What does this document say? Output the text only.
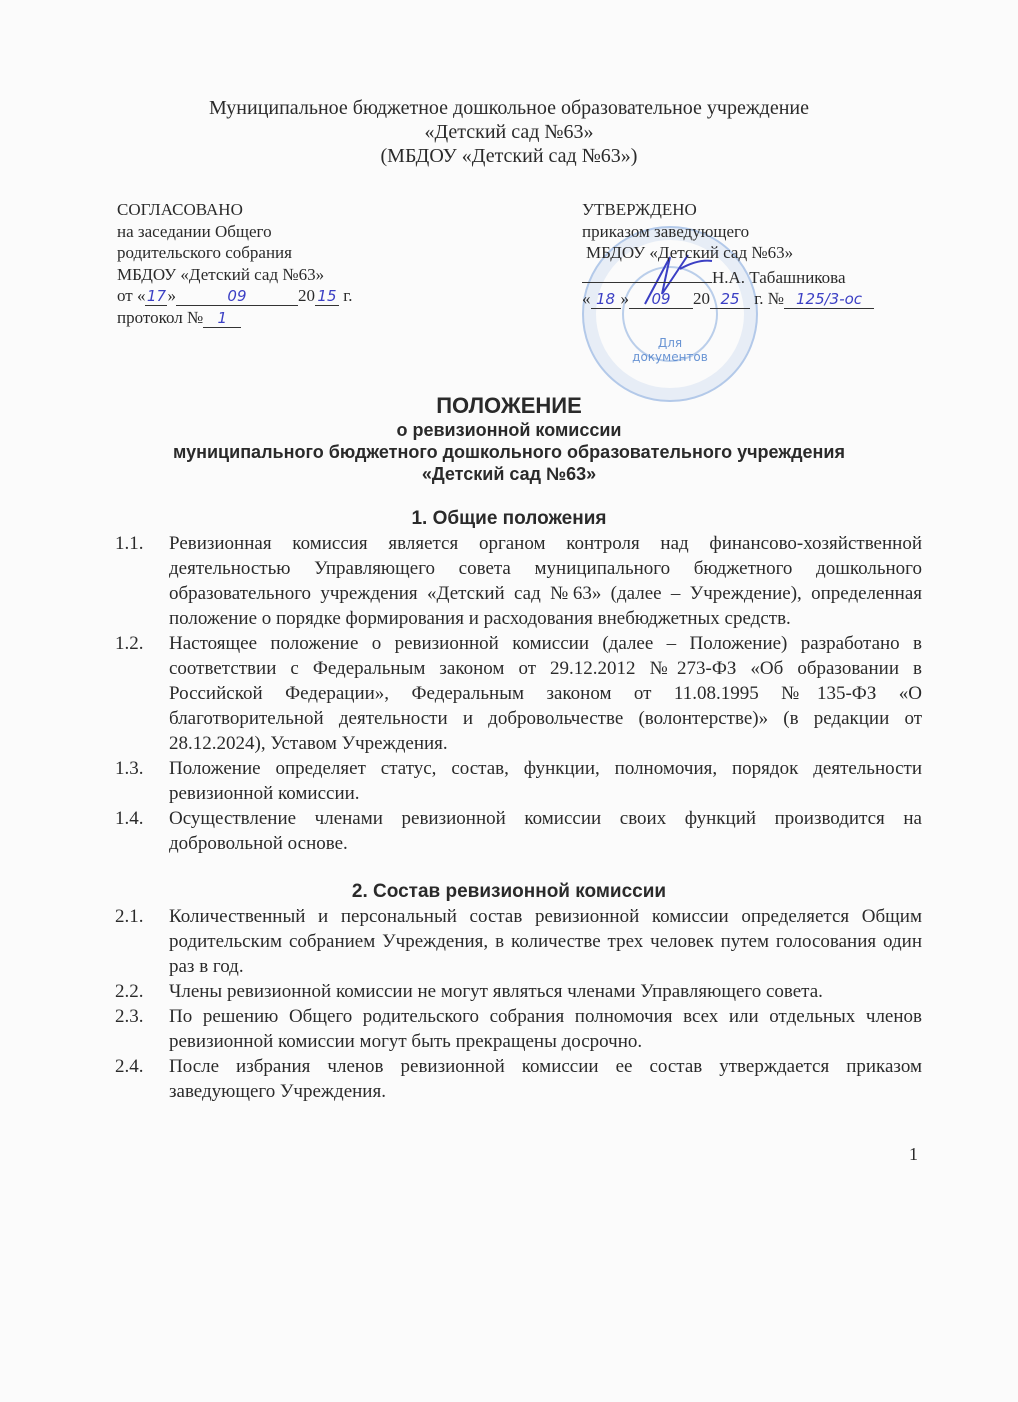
Муниципальное бюджетное дошкольное образовательное учреждение
«Детский сад №63»
(МБДОУ «Детский сад №63»)
СОГЛАСОВАНО
на заседании Общего
родительского собрания
МБДОУ «Детский сад №63»
от «17»	09	20 15 г.
протокол № 1
Для документов
УТВЕРЖДЕНО
приказом заведующего
МБДОУ «Детский сад №63»
Н.А. Табашникова
« 18 » 09 20 25 г. № 125/3-ос
ПОЛОЖЕНИЕ
о ревизионной комиссии
муниципального бюджетного дошкольного образовательного учреждения
«Детский сад №63»
1. Общие положения
1.1.	Ревизионная комиссия является органом контроля над финансово-хозяйственной деятельностью Управляющего совета муниципального бюджетного дошкольного образовательного учреждения «Детский сад №63» (далее – Учреждение), определенная положение о порядке формирования и расходования внебюджетных средств.
1.2.	Настоящее положение о ревизионной комиссии (далее – Положение) разработано в соответствии с Федеральным законом от 29.12.2012 №273-ФЗ «Об образовании в Российской Федерации», Федеральным законом от 11.08.1995 №135-ФЗ «О благотворительной деятельности и добровольчестве (волонтерстве)» (в редакции от 28.12.2024), Уставом Учреждения.
1.3.	Положение определяет статус, состав, функции, полномочия, порядок деятельности ревизионной комиссии.
1.4.	Осуществление членами ревизионной комиссии своих функций производится на добровольной основе.
2. Состав ревизионной комиссии
2.1.	Количественный и персональный состав ревизионной комиссии определяется Общим родительским собранием Учреждения, в количестве трех человек путем голосования один раз в год.
2.2.	Члены ревизионной комиссии не могут являться членами Управляющего совета.
2.3.	По решению Общего родительского собрания полномочия всех или отдельных членов ревизионной комиссии могут быть прекращены досрочно.
2.4.	После избрания членов ревизионной комиссии ее состав утверждается приказом заведующего Учреждения.
1
